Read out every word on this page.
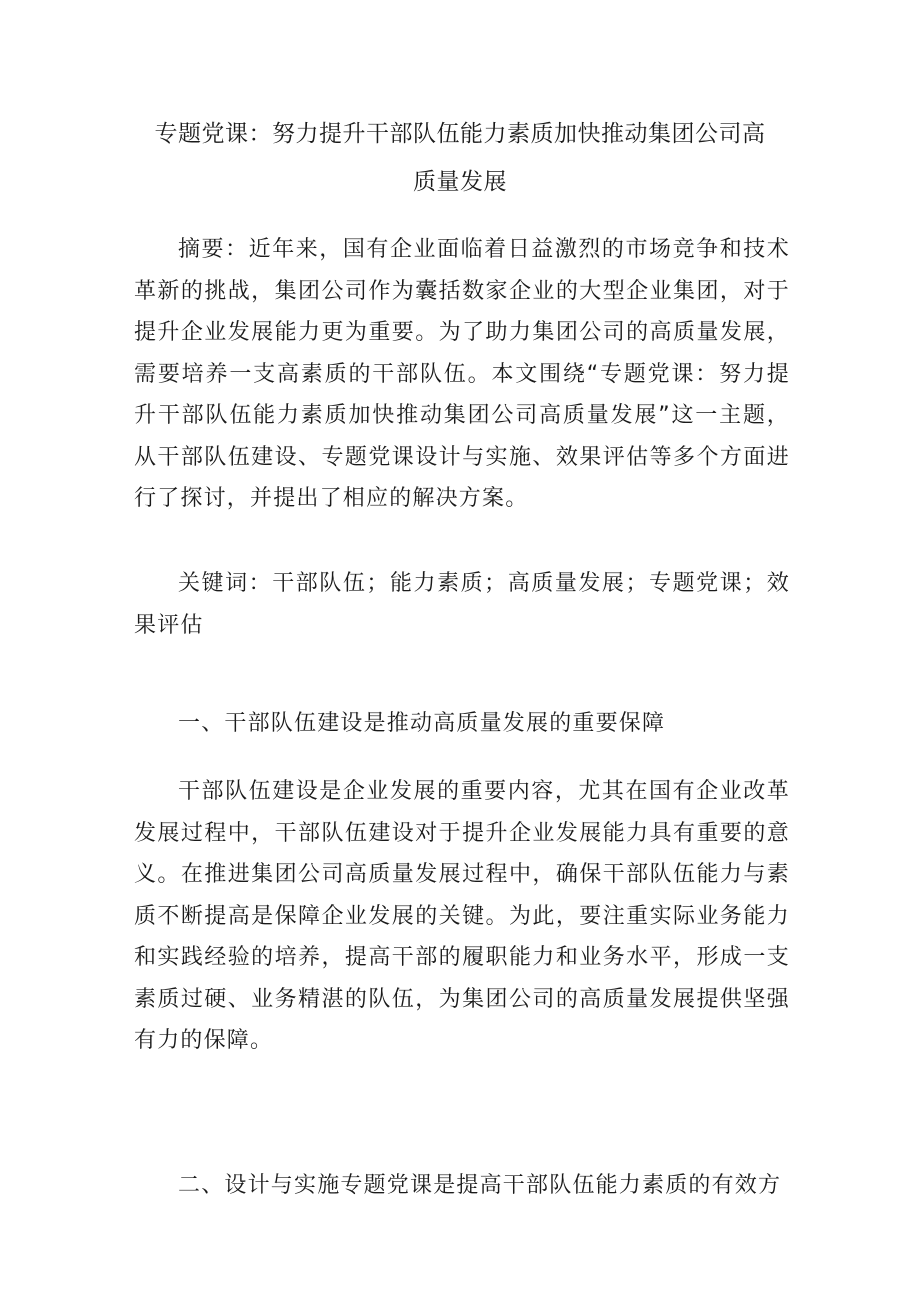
专题党课：努力提升干部队伍能力素质加快推动集团公司高
质量发展

摘要：近年来，国有企业面临着日益激烈的市场竞争和技术革新的挑战，集团公司作为囊括数家企业的大型企业集团，对于提升企业发展能力更为重要。为了助力集团公司的高质量发展，需要培养一支高素质的干部队伍。本文围绕“专题党课：努力提升干部队伍能力素质加快推动集团公司高质量发展”这一主题，从干部队伍建设、专题党课设计与实施、效果评估等多个方面进行了探讨，并提出了相应的解决方案。

关键词：干部队伍；能力素质；高质量发展；专题党课；效果评估

一、干部队伍建设是推动高质量发展的重要保障

干部队伍建设是企业发展的重要内容，尤其在国有企业改革发展过程中，干部队伍建设对于提升企业发展能力具有重要的意义。在推进集团公司高质量发展过程中，确保干部队伍能力与素质不断提高是保障企业发展的关键。为此，要注重实际业务能力和实践经验的培养，提高干部的履职能力和业务水平，形成一支素质过硬、业务精湛的队伍，为集团公司的高质量发展提供坚强有力的保障。

二、设计与实施专题党课是提高干部队伍能力素质的有效方
